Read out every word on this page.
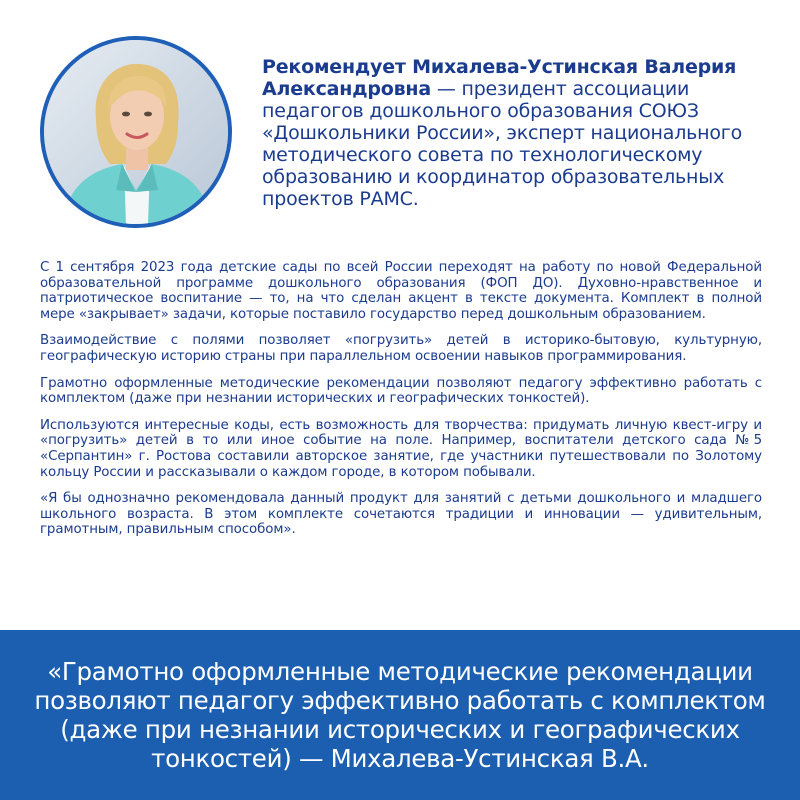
Рекомендует Михалева-Устинская Валерия Александровна — президент ассоциации педагогов дошкольного образования СОЮЗ «Дошкольники России», эксперт национального методического совета по технологическому образованию и координатор образовательных проектов РАМС.

С 1 сентября 2023 года детские сады по всей России переходят на работу по новой Федеральной образовательной программе дошкольного образования (ФОП ДО). Духовно-нравственное и патриотическое воспитание — то, на что сделан акцент в тексте документа. Комплект в полной мере «закрывает» задачи, которые поставило государство перед дошкольным образованием.

Взаимодействие с полями позволяет «погрузить» детей в историко-бытовую, культурную, географическую историю страны при параллельном освоении навыков программирования.

Грамотно оформленные методические рекомендации позволяют педагогу эффективно работать с комплектом (даже при незнании исторических и географических тонкостей).

Используются интересные коды, есть возможность для творчества: придумать личную квест-игру и «погрузить» детей в то или иное событие на поле. Например, воспитатели детского сада №5 «Серпантин» г. Ростова составили авторское занятие, где участники путешествовали по Золотому кольцу России и рассказывали о каждом городе, в котором побывали.

«Я бы однозначно рекомендовала данный продукт для занятий с детьми дошкольного и младшего школьного возраста. В этом комплекте сочетаются традиции и инновации — удивительным, грамотным, правильным способом».

«Грамотно оформленные методические рекомендации позволяют педагогу эффективно работать с комплектом (даже при незнании исторических и географических тонкостей) — Михалева-Устинская В.А.
